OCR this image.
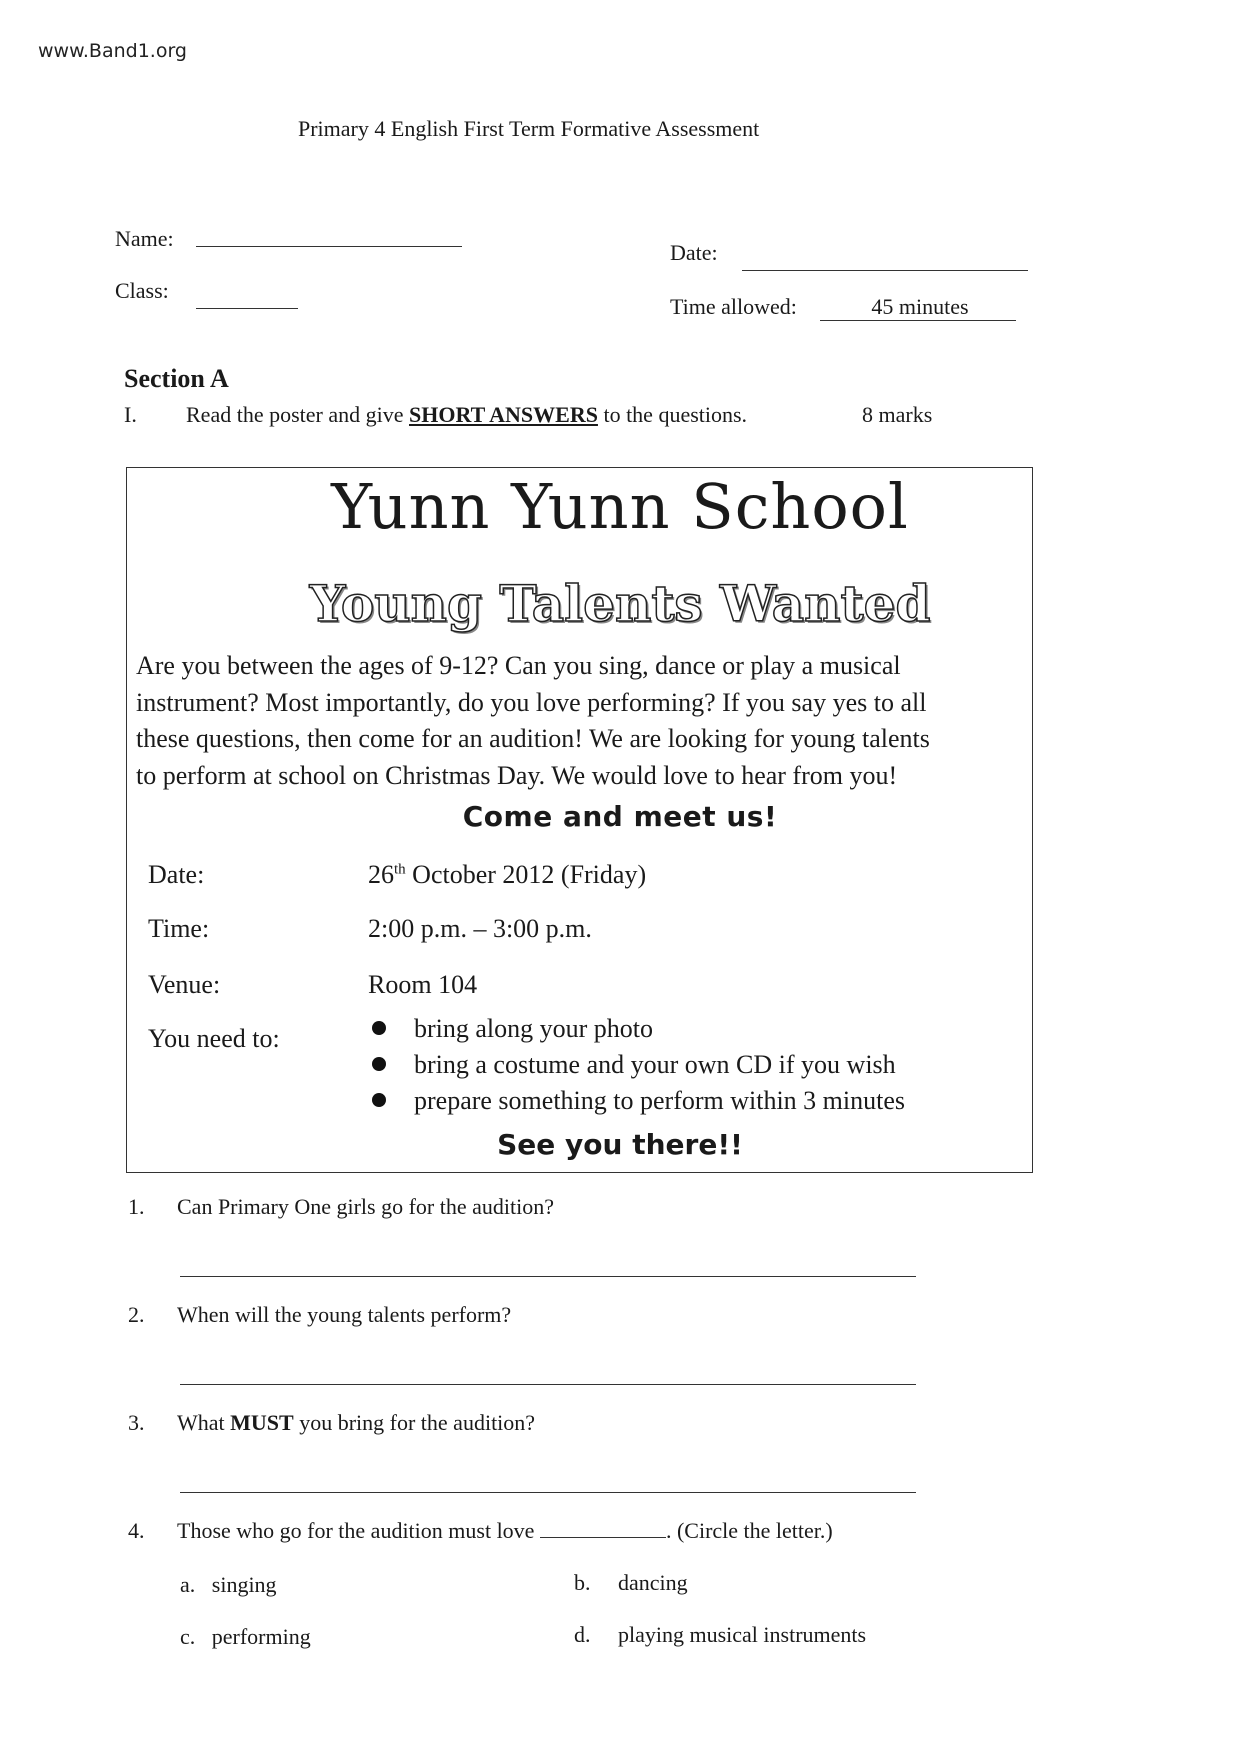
www.Band1.org
Primary 4 English First Term Formative Assessment
Name:
Class:
Date:
Time allowed:	45 minutes
Section A
I. Read the poster and give SHORT ANSWERS to the questions.	8 marks
Yunn Yunn School
Young Talents Wanted
Are you between the ages of 9-12? Can you sing, dance or play a musical
instrument? Most importantly, do you love performing? If you say yes to all
these questions, then come for an audition! We are looking for young talents
to perform at school on Christmas Day. We would love to hear from you!
Come and meet us!
Date:	26th October 2012 (Friday)
Time:	2:00 p.m. – 3:00 p.m.
Venue:	Room 104
You need to:	bring along your photo
bring a costume and your own CD if you wish
prepare something to perform within 3 minutes
See you there!!
1. Can Primary One girls go for the audition?
2. When will the young talents perform?
3. What MUST you bring for the audition?
4. Those who go for the audition must love	. (Circle the letter.)
a. singing	b. dancing
c. performing	d. playing musical instruments
